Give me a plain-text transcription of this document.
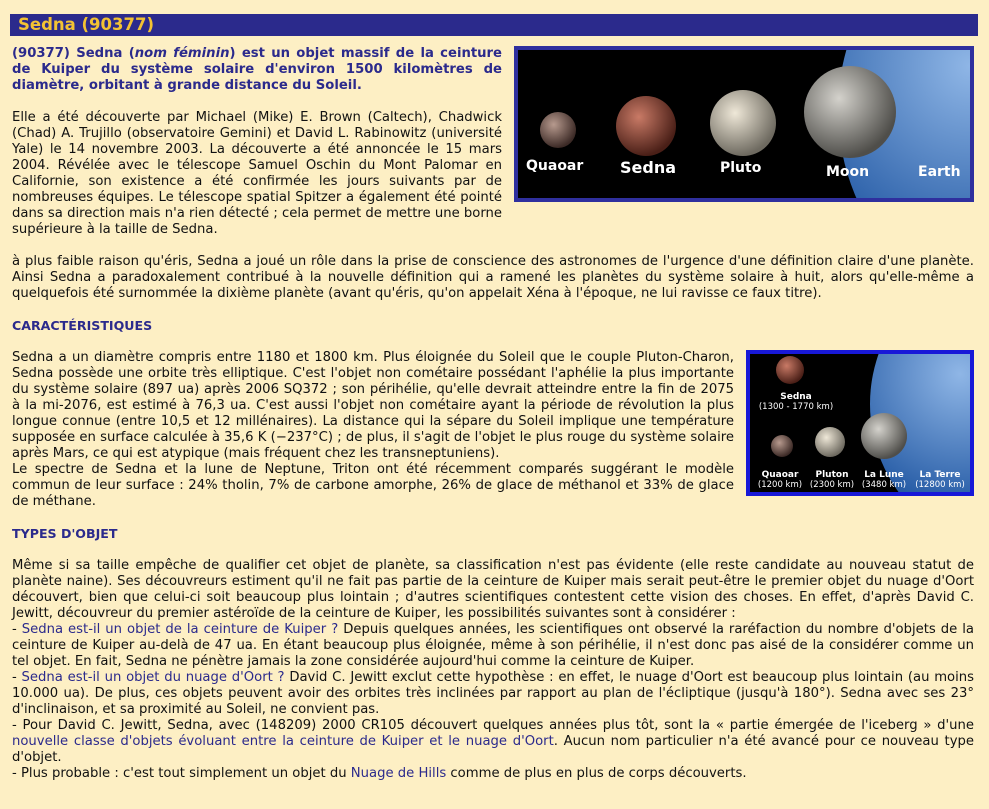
Sedna (90377)
Quaoar Sedna	Pluto	Moon	Earth

(90377) Sedna (nom féminin) est un objet massif de la ceinture de Kuiper du système solaire d'environ 1500 kilomètres de diamètre, orbitant à grande distance du Soleil.

Elle a été découverte par Michael (Mike) E. Brown (Caltech), Chadwick (Chad) A. Trujillo (observatoire Gemini) et David L. Rabinowitz (université Yale) le 14 novembre 2003. La découverte a été annoncée le 15 mars 2004. Révélée avec le télescope Samuel Oschin du Mont Palomar en Californie, son existence a été confirmée les jours suivants par de nombreuses équipes. Le télescope spatial Spitzer a également été pointé dans sa direction mais n'a rien détecté ; cela permet de mettre une borne supérieure à la taille de Sedna.

à plus faible raison qu'éris, Sedna a joué un rôle dans la prise de conscience des astronomes de l'urgence d'une définition claire d'une planète. Ainsi Sedna a paradoxalement contribué à la nouvelle définition qui a ramené les planètes du système solaire à huit, alors qu'elle-même a quelquefois été surnommée la dixième planète (avant qu'éris, qu'on appelait Xéna à l'époque, ne lui ravisse ce faux titre).

CARACTÉRISTIQUES
Sedna
(1300 - 1770 km)
Quaoar
(1200 km)
Pluton
(2300 km)
La Lune
(3480 km)
La Terre
(12800 km)

Sedna a un diamètre compris entre 1180 et 1800 km. Plus éloignée du Soleil que le couple Pluton-Charon, Sedna possède une orbite très elliptique. C'est l'objet non cométaire possédant l'aphélie la plus importante du système solaire (897 ua) après 2006 SQ372 ; son périhélie, qu'elle devrait atteindre entre la fin de 2075 à la mi-2076, est estimé à 76,3 ua. C'est aussi l'objet non cométaire ayant la période de révolution la plus longue connue (entre 10,5 et 12 millénaires). La distance qui la sépare du Soleil implique une température supposée en surface calculée à 35,6 K (−237°C) ; de plus, il s'agit de l'objet le plus rouge du système solaire après Mars, ce qui est atypique (mais fréquent chez les transneptuniens).

Le spectre de Sedna et la lune de Neptune, Triton ont été récemment comparés suggérant le modèle commun de leur surface : 24% tholin, 7% de carbone amorphe, 26% de glace de méthanol et 33% de glace de méthane.

TYPES D'OBJET

Même si sa taille empêche de qualifier cet objet de planète, sa classification n'est pas évidente (elle reste candidate au nouveau statut de planète naine). Ses découvreurs estiment qu'il ne fait pas partie de la ceinture de Kuiper mais serait peut-être le premier objet du nuage d'Oort découvert, bien que celui-ci soit beaucoup plus lointain ; d'autres scientifiques contestent cette vision des choses. En effet, d'après David C. Jewitt, découvreur du premier astéroïde de la ceinture de Kuiper, les possibilités suivantes sont à considérer :

- Sedna est-il un objet de la ceinture de Kuiper ? Depuis quelques années, les scientifiques ont observé la raréfaction du nombre d'objets de la ceinture de Kuiper au-delà de 47 ua. En étant beaucoup plus éloignée, même à son périhélie, il n'est donc pas aisé de la considérer comme un tel objet. En fait, Sedna ne pénètre jamais la zone considérée aujourd'hui comme la ceinture de Kuiper.
- Sedna est-il un objet du nuage d'Oort ? David C. Jewitt exclut cette hypothèse : en effet, le nuage d'Oort est beaucoup plus lointain (au moins 10.000 ua). De plus, ces objets peuvent avoir des orbites très inclinées par rapport au plan de l'écliptique (jusqu'à 180°). Sedna avec ses 23° d'inclinaison, et sa proximité au Soleil, ne convient pas.
- Pour David C. Jewitt, Sedna, avec (148209) 2000 CR105 découvert quelques années plus tôt, sont la « partie émergée de l'iceberg » d'une nouvelle classe d'objets évoluant entre la ceinture de Kuiper et le nuage d'Oort. Aucun nom particulier n'a été avancé pour ce nouveau type d'objet.
- Plus probable : c'est tout simplement un objet du Nuage de Hills comme de plus en plus de corps découverts.
